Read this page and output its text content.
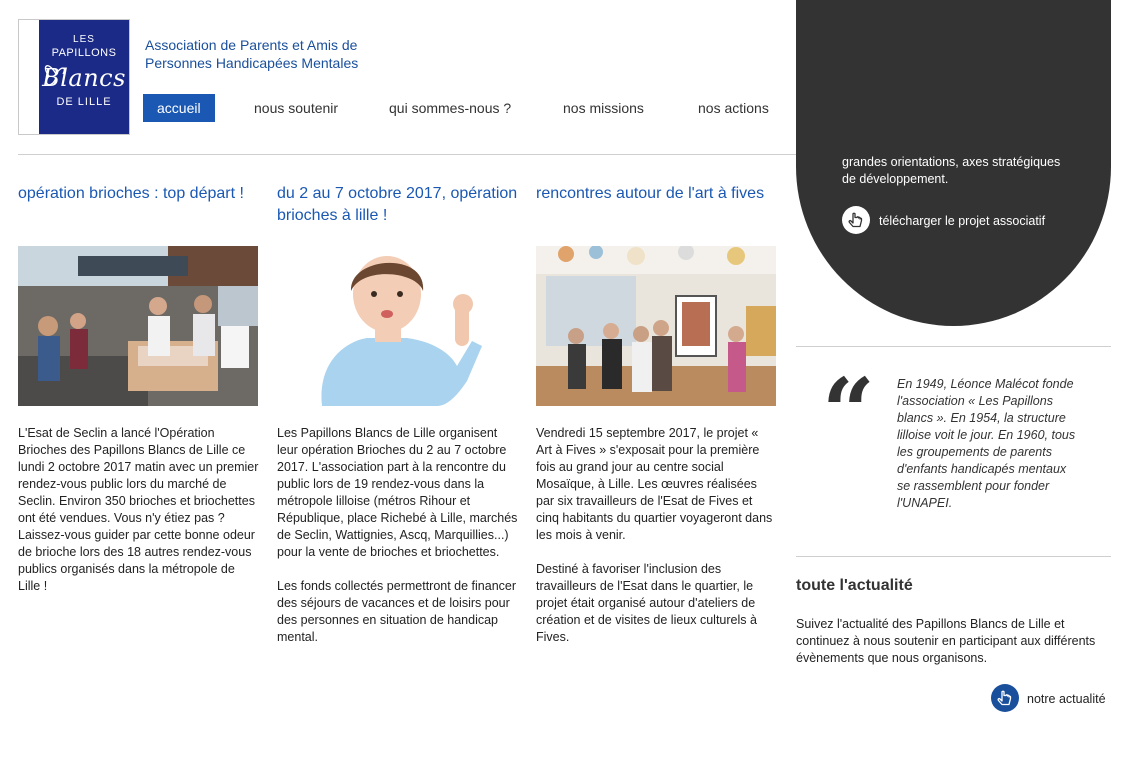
LES
PAPILLONS
Blancs
DE LILLE
Association de Parents et Amis de
Personnes Handicapées Mentales
accueil	nous soutenir	qui sommes-nous ?	nos missions	nos actions
opération brioches : top départ !

L'Esat de Seclin a lancé l'Opération Brioches des Papillons Blancs de Lille ce lundi 2 octobre 2017 matin avec un premier rendez-vous public lors du marché de Seclin. Environ 350 brioches et briochettes ont été vendues. Vous n'y étiez pas ? Laissez-vous guider par cette bonne odeur de brioche lors des 18 autres rendez-vous publics organisés dans la métropole de Lille !

du 2 au 7 octobre 2017, opération brioches à lille !

Les Papillons Blancs de Lille organisent leur opération Brioches du 2 au 7 octobre 2017. L'association part à la rencontre du public lors de 19 rendez-vous dans la métropole lilloise (métros Rihour et République, place Richebé à Lille, marchés de Seclin, Wattignies, Ascq, Marquillies...) pour la vente de brioches et briochettes.

Les fonds collectés permettront de financer des séjours de vacances et de loisirs pour des personnes en situation de handicap mental.

rencontres autour de l'art à fives

Vendredi 15 septembre 2017, le projet « Art à Fives » s'exposait pour la première fois au grand jour au centre social Mosaïque, à Lille. Les œuvres réalisées par six travailleurs de l'Esat de Fives et cinq habitants du quartier voyageront dans les mois à venir.

Destiné à favoriser l'inclusion des travailleurs de l'Esat dans le quartier, le projet était organisé autour d'ateliers de création et de visites de lieux culturels à Fives.

grandes orientations, axes stratégiques de développement.
télécharger le projet associatif
“ En 1949, Léonce Malécot fonde l'association « Les Papillons blancs ». En 1954, la structure lilloise voit le jour. En 1960, tous les groupements de parents d'enfants handicapés mentaux se rassemblent pour fonder l'UNAPEI.
toute l'actualité
Suivez l'actualité des Papillons Blancs de Lille et continuez à nous soutenir en participant aux différents évènements que nous organisons.
notre actualité
